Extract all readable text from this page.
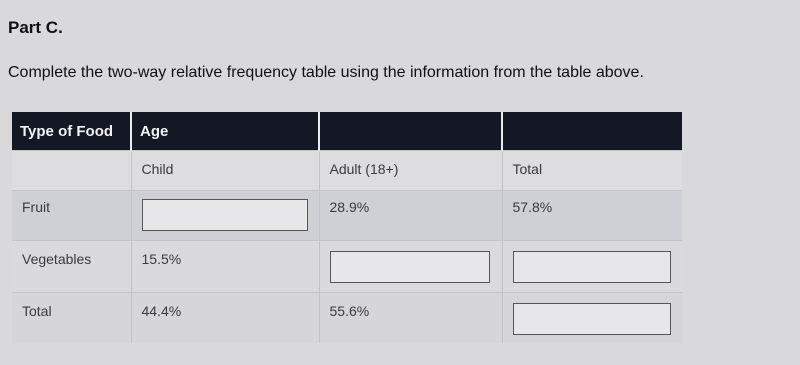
Part C.
Complete the two-way relative frequency table using the information from the table above.
Type of Food	Age		
	Child	Adult (18+)	Total
Fruit		28.9%	57.8%
Vegetables	15.5%	

Total	44.4%	55.6%	
